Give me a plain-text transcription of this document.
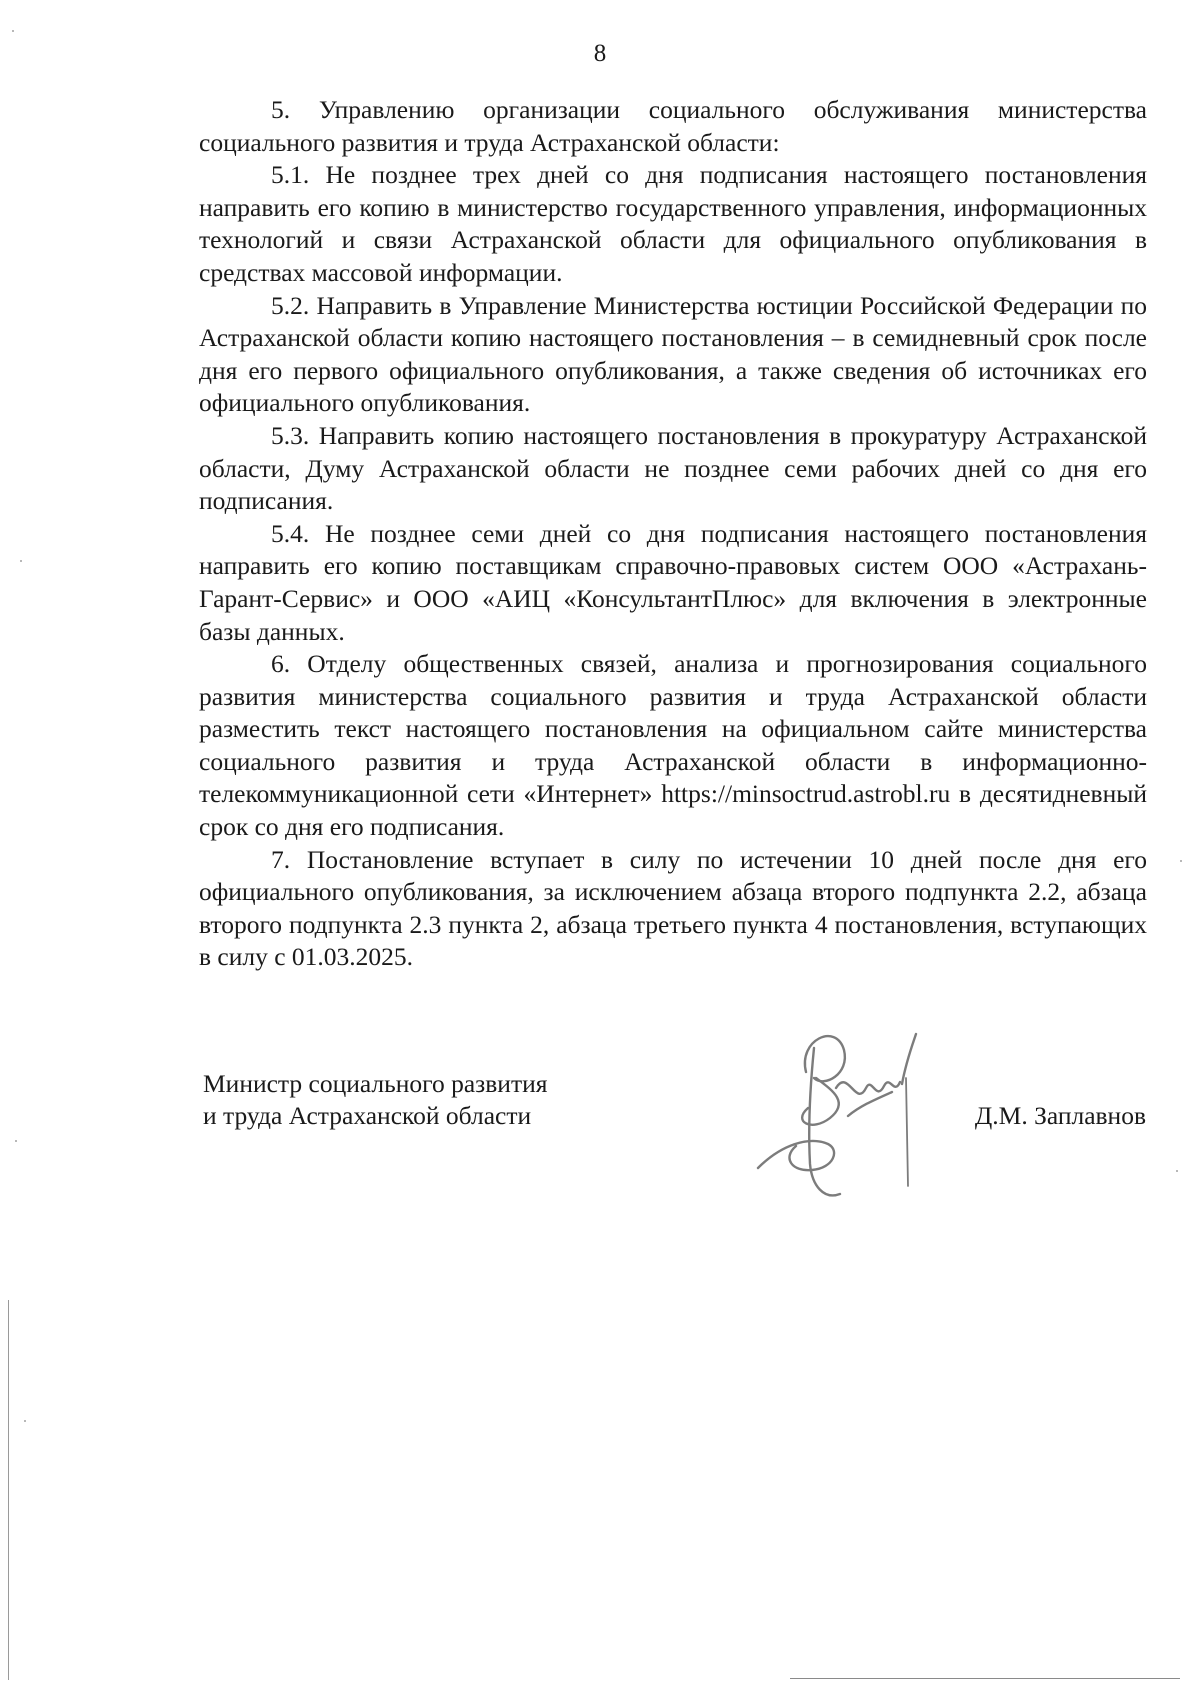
8

5. Управлению организации социального обслуживания министерства социального развития и труда Астраханской области:

5.1. Не позднее трех дней со дня подписания настоящего постановления направить его копию в министерство государственного управления, информационных технологий и связи Астраханской области для официального опубликования в средствах массовой информации.

5.2. Направить в Управление Министерства юстиции Российской Федерации по Астраханской области копию настоящего постановления – в семидневный срок после дня его первого официального опубликования, а также сведения об источниках его официального опубликования.

5.3. Направить копию настоящего постановления в прокуратуру Астраханской области, Думу Астраханской области не позднее семи рабочих дней со дня его подписания.

5.4. Не позднее семи дней со дня подписания настоящего постановления направить его копию поставщикам справочно-правовых систем ООО «Астрахань-Гарант-Сервис» и ООО «АИЦ «КонсультантПлюс» для включения в электронные базы данных.

6. Отделу общественных связей, анализа и прогнозирования социального развития министерства социального развития и труда Астраханской области разместить текст настоящего постановления на официальном сайте министерства социального развития и труда Астраханской области в информационно-телекоммуникационной сети «Интернет» https://minsoctrud.astrobl.ru в десятидневный срок со дня его подписания.

7. Постановление вступает в силу по истечении 10 дней после дня его официального опубликования, за исключением абзаца второго подпункта 2.2, абзаца второго подпункта 2.3 пункта 2, абзаца третьего пункта 4 постановления, вступающих в силу с 01.03.2025.

Министр социального развития
и труда Астраханской области	Д.М. Заплавнов
